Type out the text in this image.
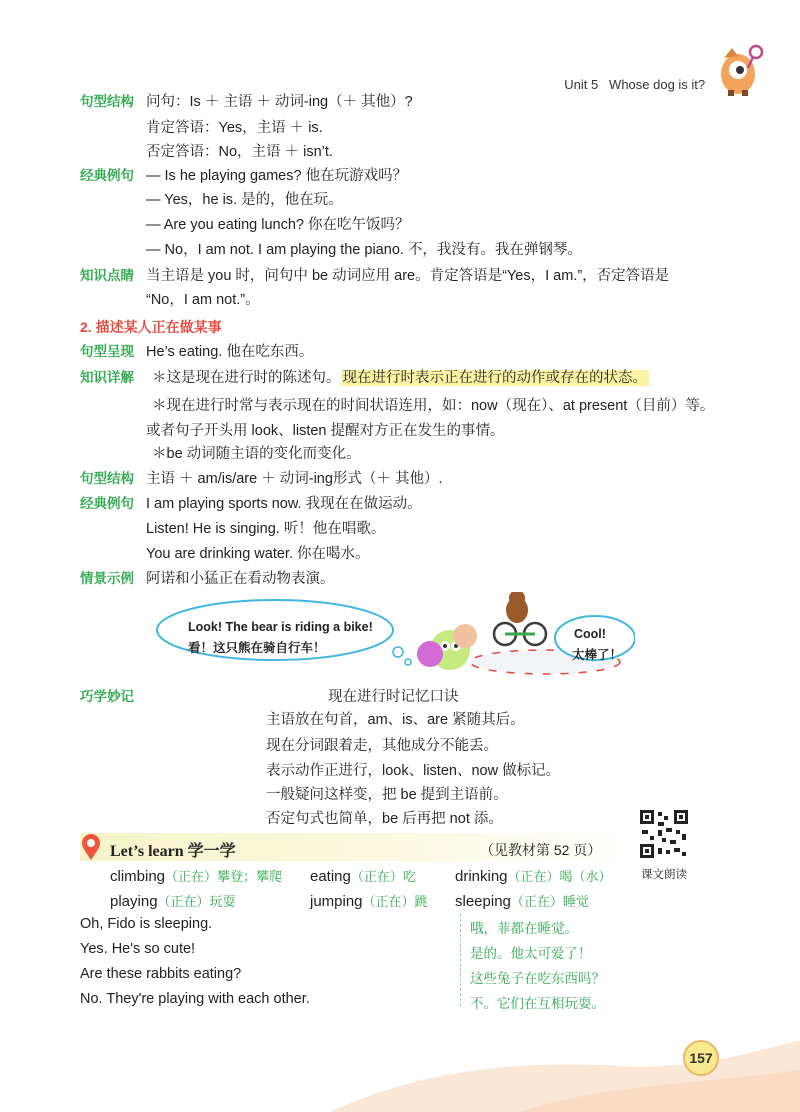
Unit 5 Whose dog is it?

句型结构 问句：Is ＋ 主语 ＋ 动词-ing（＋ 其他）?
肯定答语：Yes，主语 ＋ is.
否定答语：No，主语 ＋ isn’t.
经典例句 — Is he playing games? 他在玩游戏吗？
— Yes，he is. 是的，他在玩。
— Are you eating lunch? 你在吃午饭吗？
— No，I am not. I am playing the piano. 不，我没有。我在弹钢琴。
知识点睛 当主语是 you 时，问句中 be 动词应用 are。肯定答语是“Yes，I am.”，否定答语是
“No，I am not.”。
2. 描述某人正在做某事
句型呈现 He’s eating. 他在吃东西。
知识详解 ＊这是现在进行时的陈述句。 现在进行时表示正在进行的动作或存在的状态。
＊现在进行时常与表示现在的时间状语连用，如：now（现在）、at present（目前）等。
或者句子开头用 look、listen 提醒对方正在发生的事情。
＊be 动词随主语的变化而变化。
句型结构 主语 ＋ am/is/are ＋ 动词-ing形式（＋ 其他）.
经典例句 I am playing sports now. 我现在在做运动。
Listen! He is singing. 听！他在唱歌。
You are drinking water. 你在喝水。
情景示例 阿诺和小猛正在看动物表演。
Look! The bear is riding a bike!
看！这只熊在骑自行车！
Cool!
太棒了！
巧学妙记	现在进行时记忆口诀
主语放在句首，am、is、are 紧随其后。
现在分词跟着走，其他成分不能丢。
表示动作正进行，look、listen、now 做标记。
一般疑问这样变，把 be 提到主语前。
否定句式也简单，be 后再把 not 添。
Let’s learn 学一学	（见教材第 52 页）
课文朗读
climbing（正在）攀登；攀爬 eating（正在）吃	drinking（正在）喝（水）
playing（正在）玩耍	jumping（正在）跳 sleeping（正在）睡觉
Oh, Fido is sleeping.
Yes. He's so cute!
Are these rabbits eating?
No. They're playing with each other.
哦，菲都在睡觉。
是的。他太可爱了！
这些兔子在吃东西吗？
不。它们在互相玩耍。
157
